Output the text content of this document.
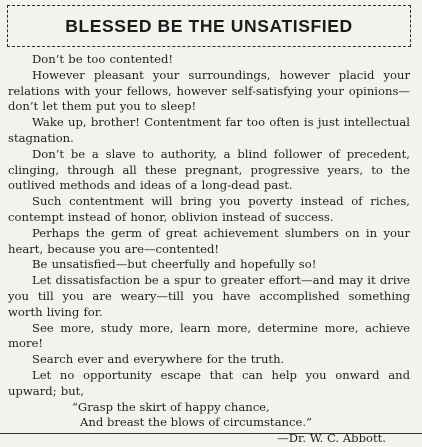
BLESSED BE THE UNSATISFIED

Don’t be too contented!

However pleasant your surroundings, however placid your relations with your fellows, however self-satisfying your opinions—don’t let them put you to sleep!

Wake up, brother! Contentment far too often is just intellectual stagnation.

Don’t be a slave to authority, a blind follower of precedent, clinging, through all these pregnant, progressive years, to the outlived methods and ideas of a long-dead past.

Such contentment will bring you poverty instead of riches, contempt instead of honor, oblivion instead of success.

Perhaps the germ of great achievement slumbers on in your heart, because you are—contented!

Be unsatisfied—but cheerfully and hopefully so!

Let dissatisfaction be a spur to greater effort—and may it drive you till you are weary—till you have accomplished something worth living for.

See more, study more, learn more, determine more, achieve more!

Search ever and everywhere for the truth.

Let no opportunity escape that can help you onward and upward; but,

“Grasp the skirt of happy chance,

And breast the blows of circumstance.”

—Dr. W. C. Abbott.
